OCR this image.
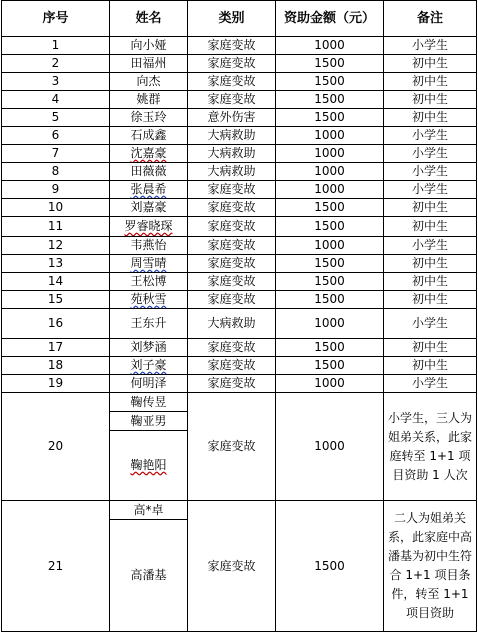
序号	姓名	类别	资助金额（元）	备注
1	向小娅	家庭变故	1000	小学生
2	田福州	家庭变故	1500	初中生
3	向杰	家庭变故	1500	初中生
4	姚群	家庭变故	1500	初中生
5	徐玉玲	意外伤害	1500	初中生
6	石成鑫	大病救助	1000	小学生
7	沈嘉豪	大病救助	1000	小学生
8	田薇薇	大病救助	1000	小学生
9	张晨希	家庭变故	1000	小学生
10	刘嘉豪	家庭变故	1500	初中生
11	罗睿晓琛	家庭变故	1500	初中生
12	韦燕怡	家庭变故	1000	小学生
13	周雪晴	家庭变故	1500	初中生
14	王松博	家庭变故	1500	初中生
15	苑秋雪	家庭变故	1500	初中生
16	王东升	大病救助	1000	小学生
17	刘梦涵	家庭变故	1500	初中生
18	刘子豪	家庭变故	1500	初中生
19	何明泽	家庭变故	1000	小学生
20	鞠传昱	家庭变故	1000	小学生，三人为姐弟关系，此家庭转至 1+1 项目资助 1 人次
	鞠亚男			
	鞠艳阳			
21	高*卓	家庭变故	1500	二人为姐弟关系，此家庭中高潘基为初中生符合 1+1 项目条件，转至 1+1 项目资助
	高潘基			
